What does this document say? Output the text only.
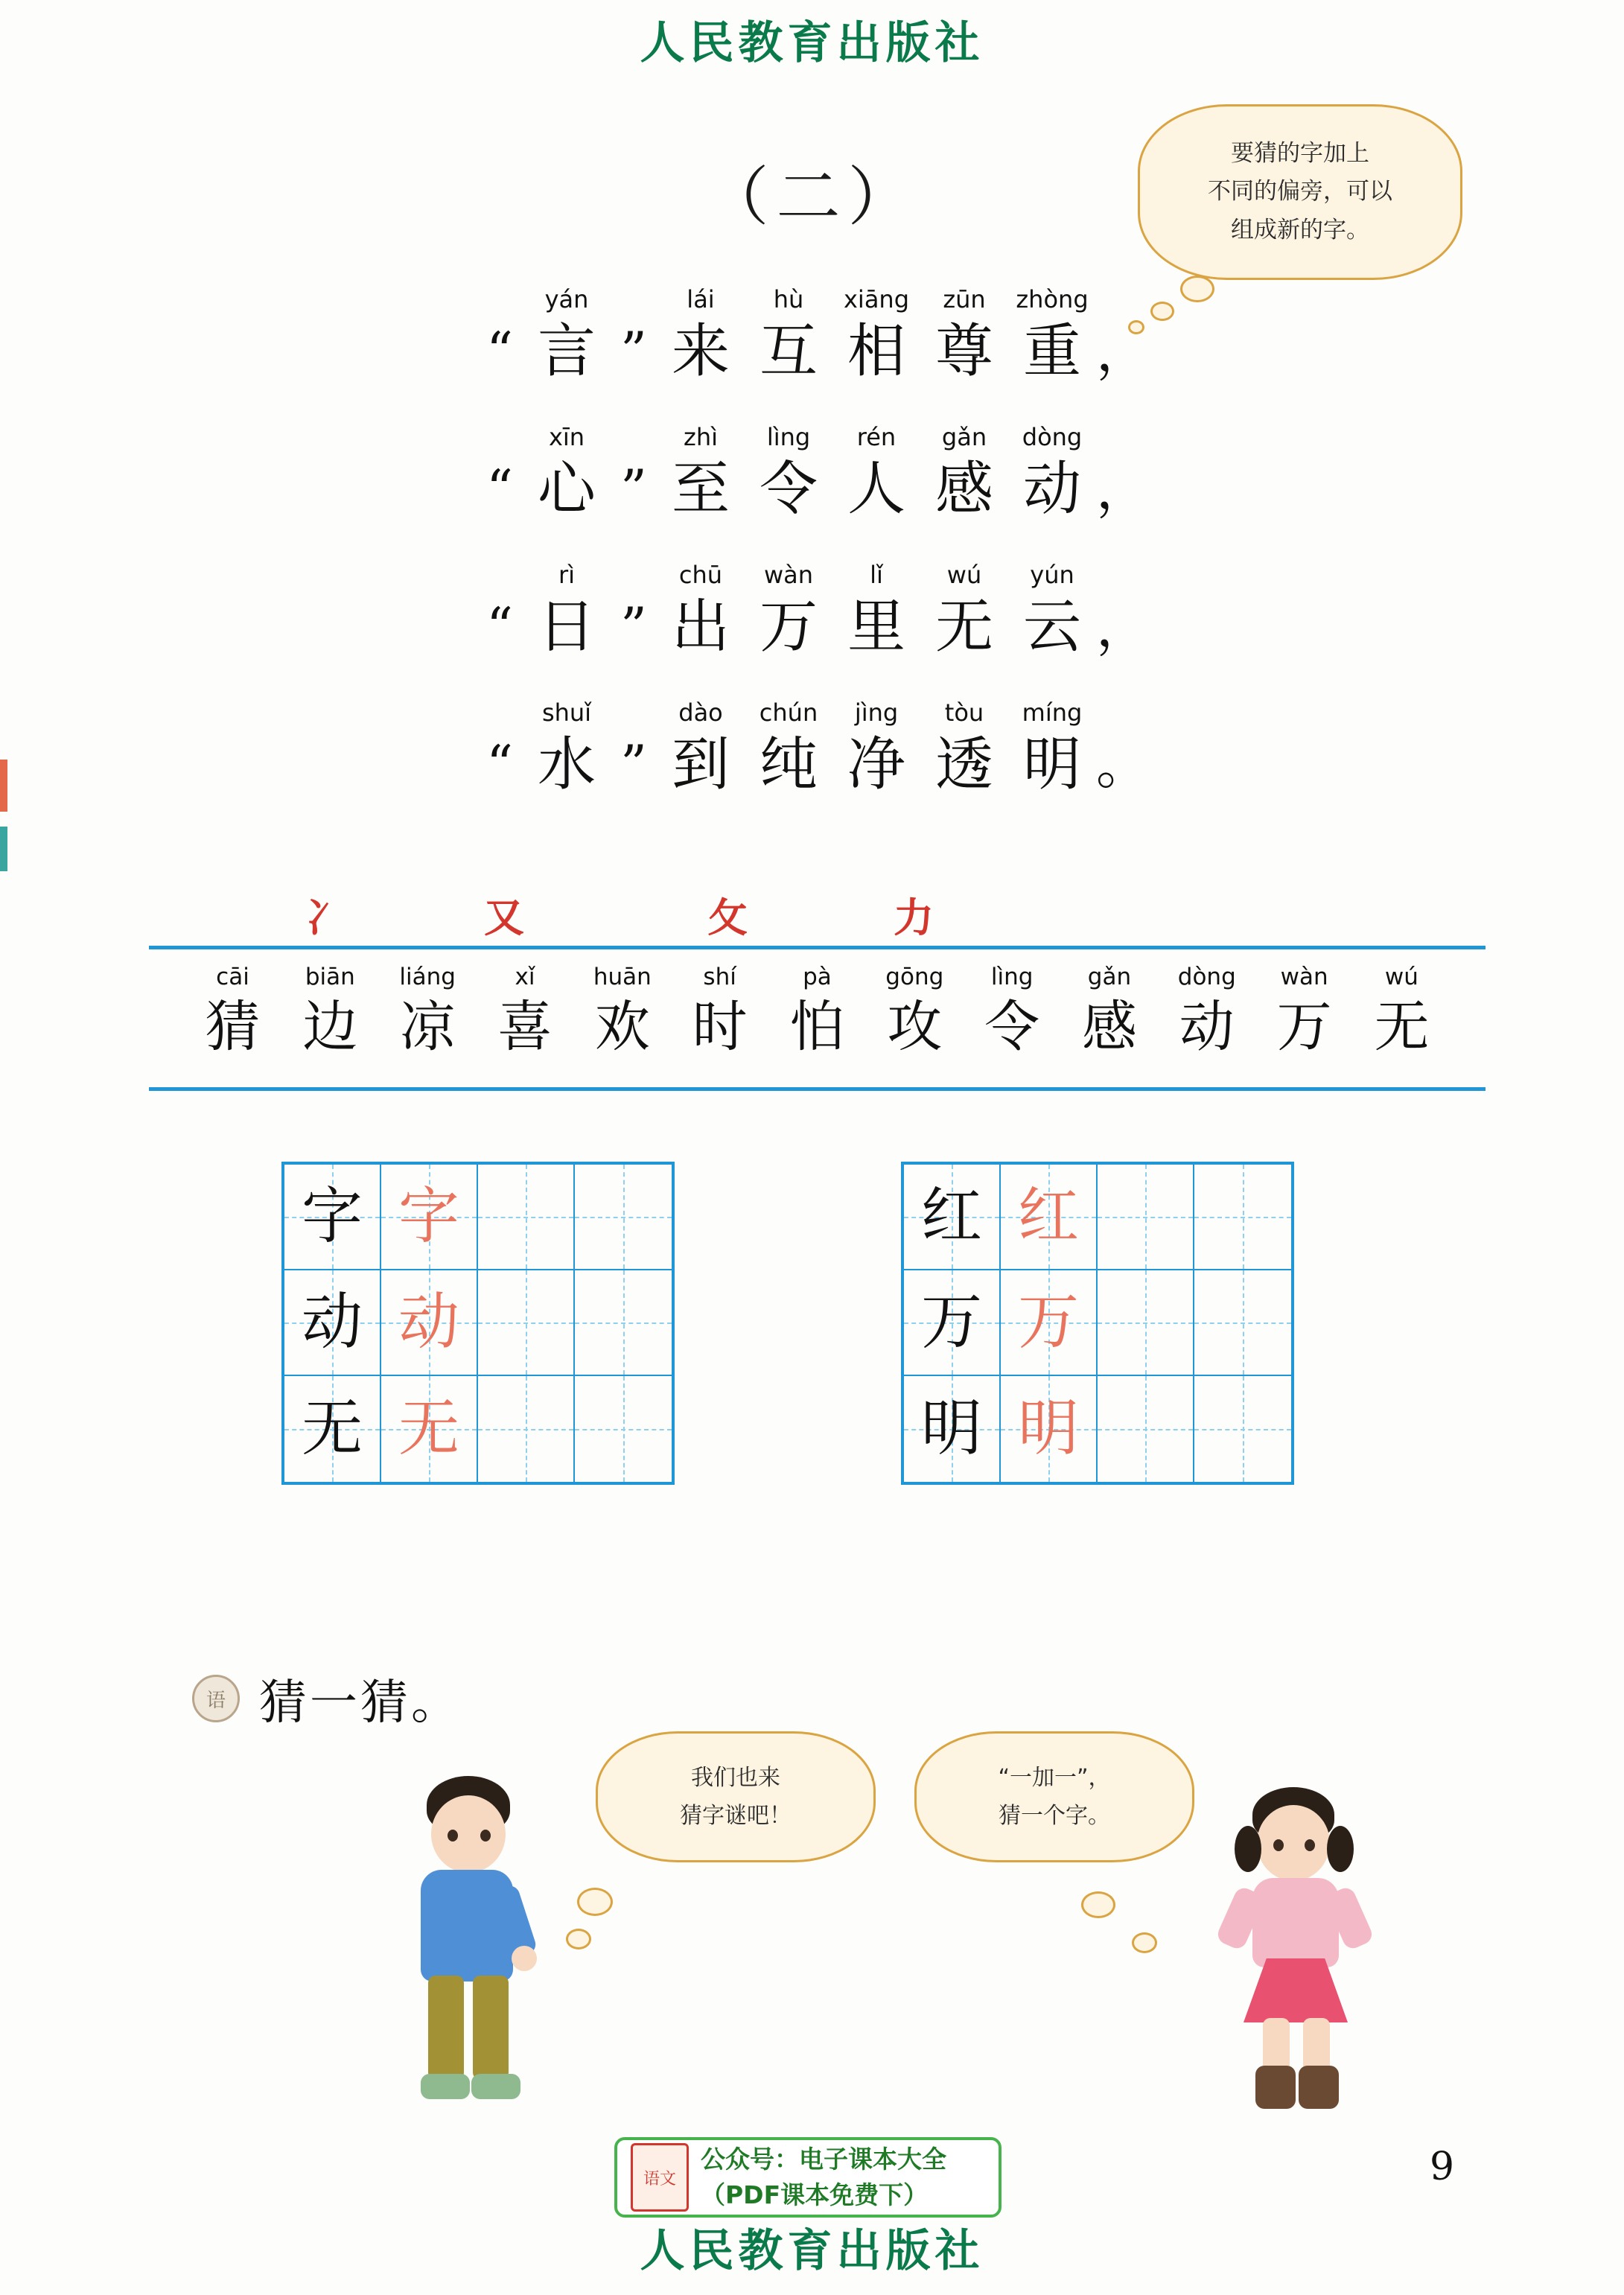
人民教育出版社
（二）
要猜的字加上
不同的偏旁，可以
组成新的字。
“
yán
言 ”
lái
来
hù
互
xiāng
相
zūn
尊
zhòng
重 ，
“
xīn
心 ”
zhì
至
lìng
令
rén
人
gǎn
感
dòng
动 ，
“
rì
日 ”
chū
出
wàn
万
lǐ
里
wú
无
yún
云 ，
“
shuǐ
水 ”
dào
到
chún
纯
jìng
净
tòu
透
míng
明 。
冫	又	攵	力
cāi
猜
biān
边
liáng
凉
xǐ
喜
huān
欢
shí
时
pà
怕
gōng
攻
lìng
令
gǎn
感
dòng
动
wàn
万
wú
无
字 字
动 动
无 无
红 红
万 万
明 明
语 猜一猜。
我们也来
猜字谜吧！
“一加一”，
猜一个字。
语文
公众号：电子课本大全
（PDF课本免费下）
9
人民教育出版社
